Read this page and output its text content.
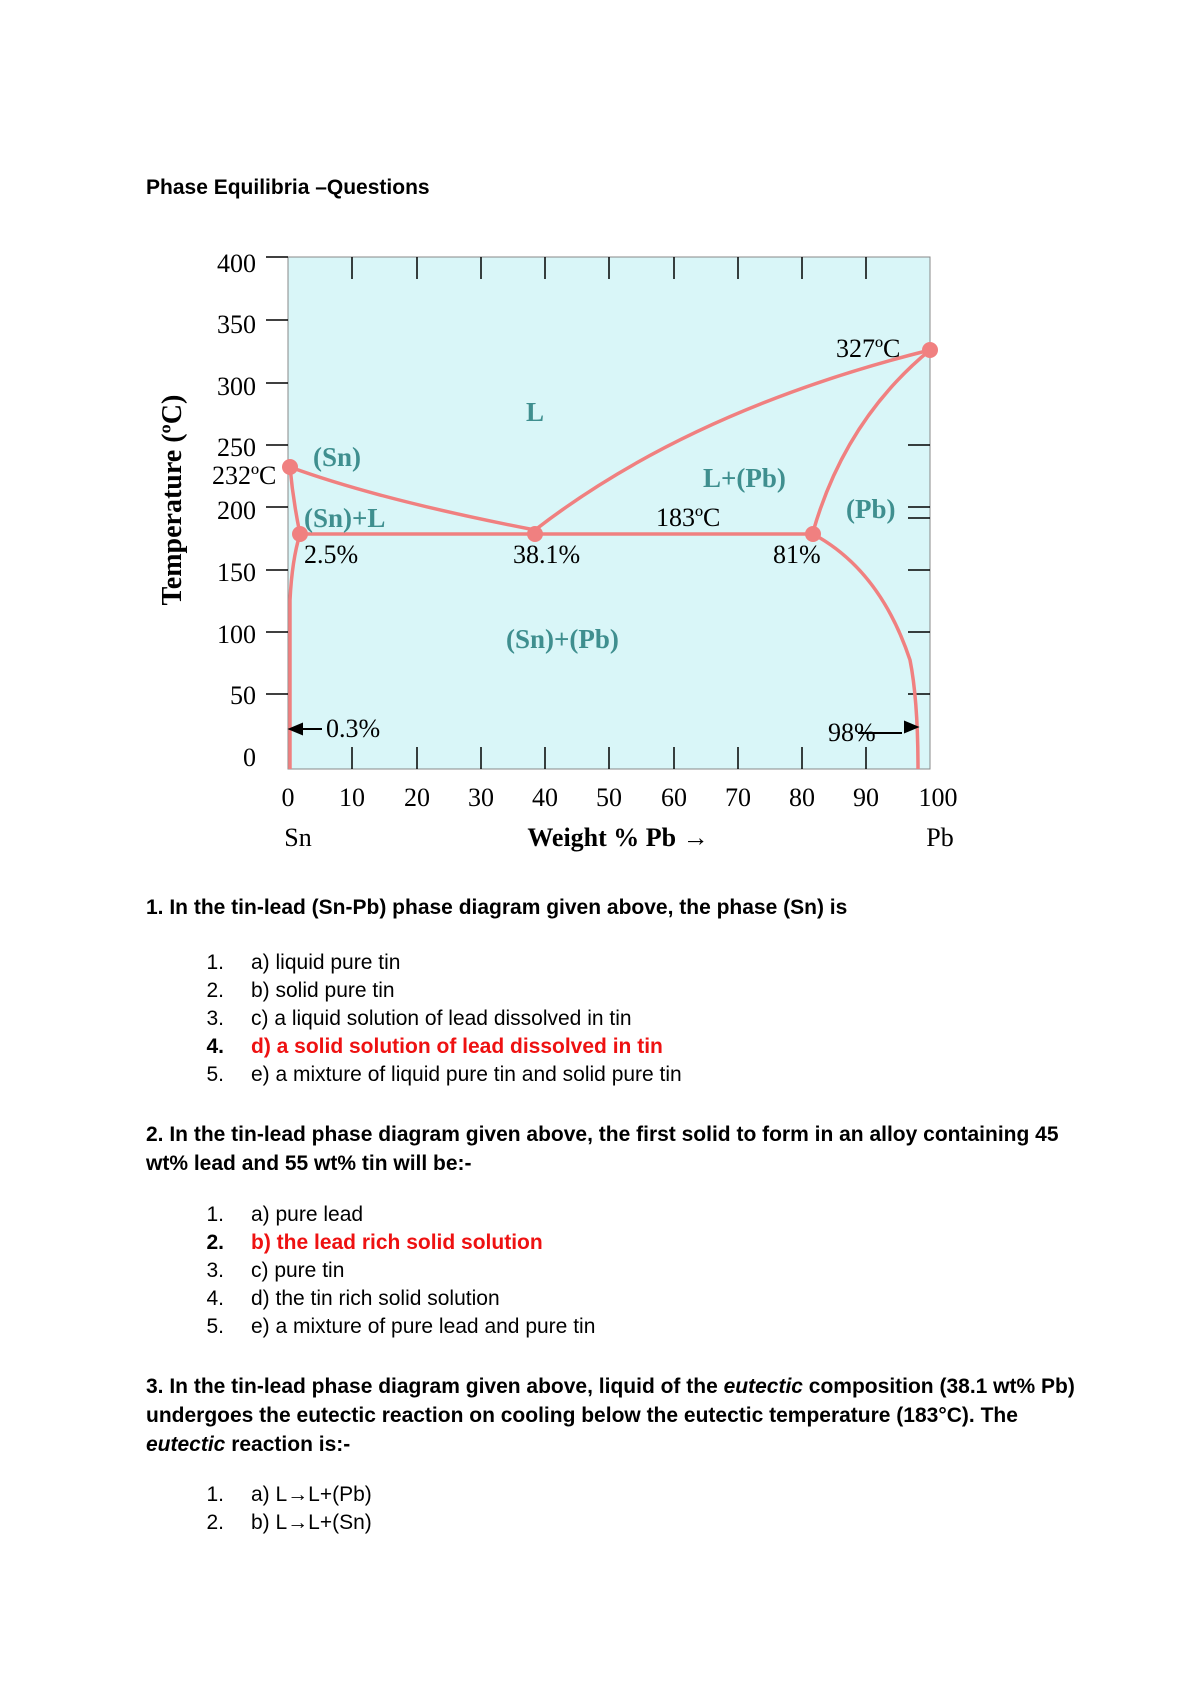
Phase Equilibria –Questions
400
350
300
250
200
150
100
50
0
0 10 20 30 40 50 60 70 80 90 100
Sn	Weight % Pb →	Pb
Temperature (ºC)	L
(Sn)
(Sn)+L
L+(Pb)
(Pb)
(Sn)+(Pb)
232ºC
327ºC
183ºC
2.5%	38.1%	81%
0.3%	98%

1. In the tin-lead (Sn-Pb) phase diagram given above, the phase (Sn) is

1. a) liquid pure tin
2. b) solid pure tin
3. c) a liquid solution of lead dissolved in tin
4. d) a solid solution of lead dissolved in tin
5. e) a mixture of liquid pure tin and solid pure tin

2. In the tin-lead phase diagram given above, the first solid to form in an alloy containing 45 wt% lead and 55 wt% tin will be:-

1. a) pure lead
2. b) the lead rich solid solution
3. c) pure tin
4. d) the tin rich solid solution
5. e) a mixture of pure lead and pure tin

3. In the tin-lead phase diagram given above, liquid of the eutectic composition (38.1 wt% Pb) undergoes the eutectic reaction on cooling below the eutectic temperature (183°C). The eutectic reaction is:-

1. a) L→L+(Pb)
2. b) L→L+(Sn)
